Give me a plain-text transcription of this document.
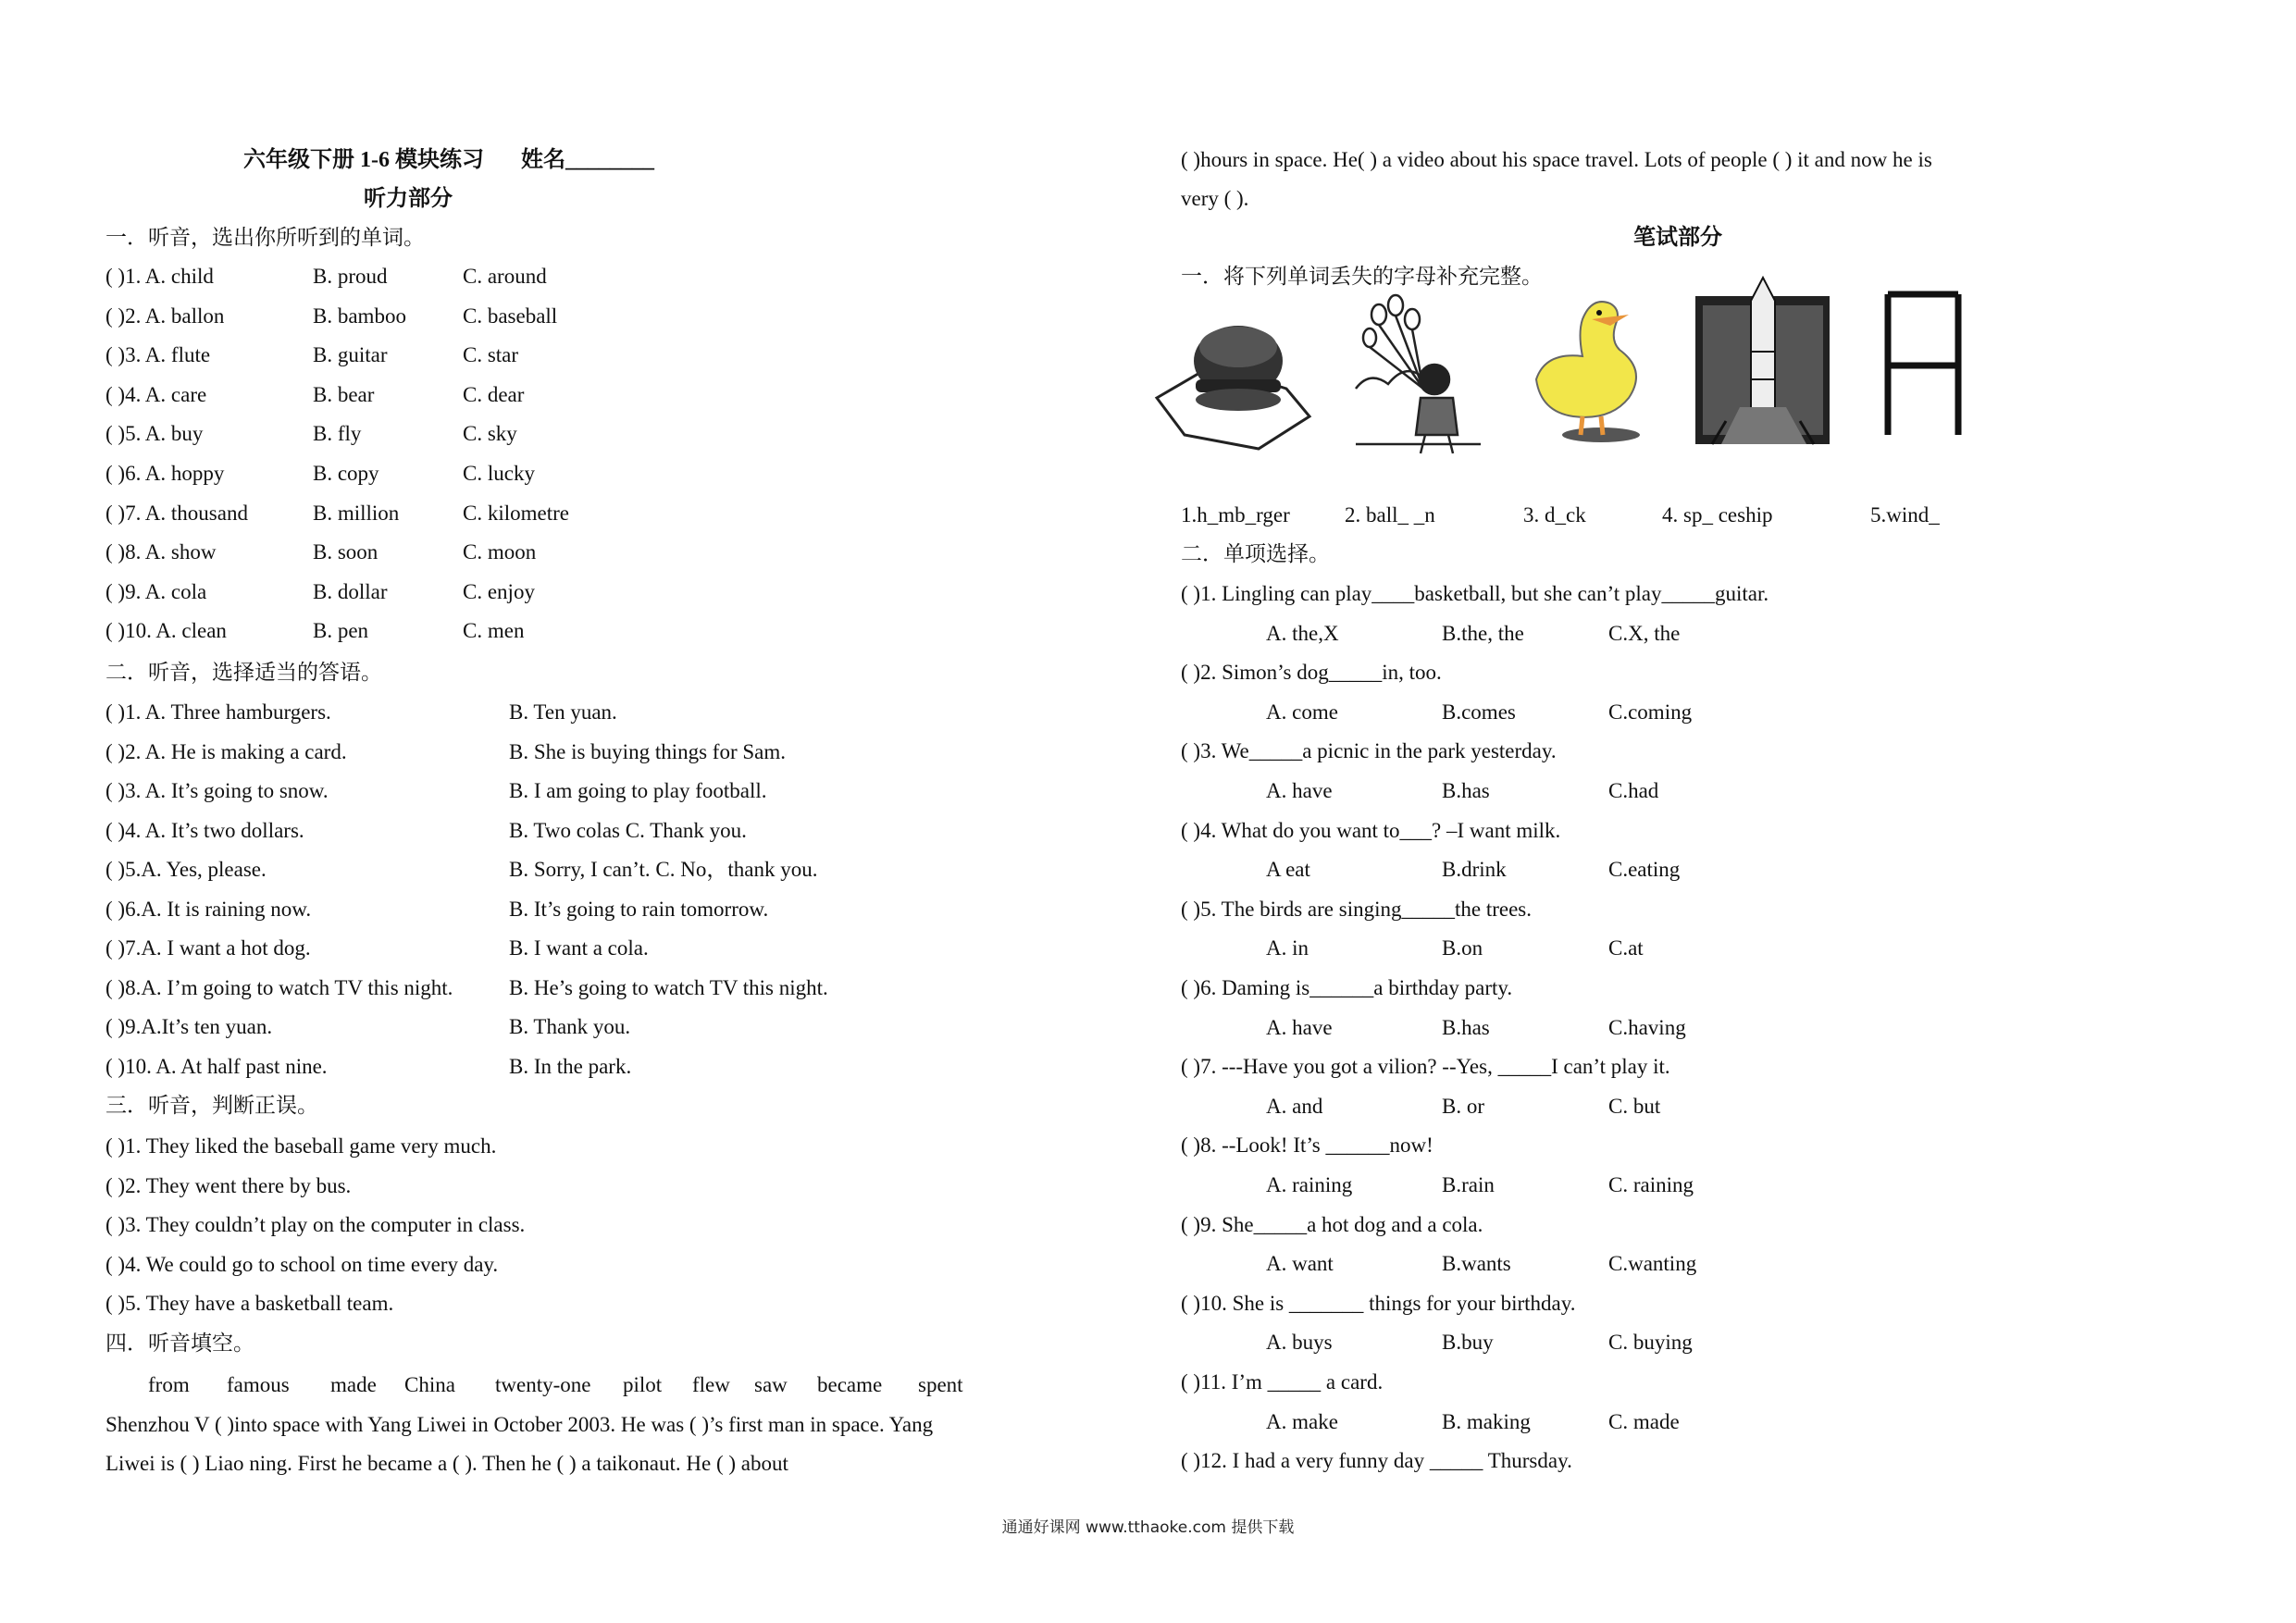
六年级下册 1-6 模块练习 姓名________
听力部分
一．听音，选出你所听到的单词。
( )1. A. child	B. proud	C. around
( )2. A. ballon	B. bamboo	C. baseball
( )3. A. flute	B. guitar	C. star
( )4. A. care	B. bear	C. dear
( )5. A. buy	B. fly	C. sky
( )6. A. hoppy	B. copy	C. lucky
( )7. A. thousand	B. million	C. kilometre
( )8. A. show	B. soon	C. moon
( )9. A. cola	B. dollar	C. enjoy
( )10. A. clean	B. pen	C. men
二．听音，选择适当的答语。
( )1. A. Three hamburgers.	B. Ten yuan.
( )2. A. He is making a card.	B. She is buying things for Sam.
( )3. A. It’s going to snow.	B. I am going to play football.
( )4. A. It’s two dollars.	B. Two colas C. Thank you.
( )5.A. Yes, please.	B. Sorry, I can’t. C. No，thank you.
( )6.A. It is raining now.	B. It’s going to rain tomorrow.
( )7.A. I want a hot dog.	B. I want a cola.
( )8.A. I’m going to watch TV this night.	B. He’s going to watch TV this night.
( )9.A.It’s ten yuan.	B. Thank you.
( )10. A. At half past nine.	B. In the park.
三．听音，判断正误。
( )1. They liked the baseball game very much.
( )2. They went there by bus.
( )3. They couldn’t play on the computer in class.
( )4. We could go to school on time every day.
( )5. They have a basketball team.
四．听音填空。
from famous made China twenty-one pilot flew saw became spent
Shenzhou V ( )into space with Yang Liwei in October 2003. He was ( )’s first man in space. Yang
Liwei is ( ) Liao ning. First he became a ( ). Then he ( ) a taikonaut. He ( ) about
( )hours in space. He( ) a video about his space travel. Lots of people ( ) it and now he is
very ( ).
笔试部分
一．将下列单词丢失的字母补充完整。
1.h_mb_rger	2. ball_ _n	3. d_ck	4. sp_ ceship	5.wind_
二．单项选择。
( )1. Lingling can play____basketball, but she can’t play_____guitar.
A. the,X	B.the, the	C.X, the
( )2. Simon’s dog_____in, too.
A. come	B.comes	C.coming
( )3. We_____a picnic in the park yesterday.
A. have	B.has	C.had
( )4. What do you want to___? –I want milk.
A eat	B.drink	C.eating
( )5. The birds are singing_____the trees.
A. in	B.on	C.at
( )6. Daming is______a birthday party.
A. have	B.has	C.having
( )7. ---Have you got a vilion? --Yes, _____I can’t play it.
A. and	B. or	C. but
( )8. --Look! It’s ______now!
A. raining	B.rain	C. raining
( )9. She_____a hot dog and a cola.
A. want	B.wants	C.wanting
( )10. She is _______ things for your birthday.
A. buys	B.buy	C. buying
( )11. I’m _____ a card.
A. make	B. making	C. made
( )12. I had a very funny day _____ Thursday.
通通好课网 www.tthaoke.com 提供下载
